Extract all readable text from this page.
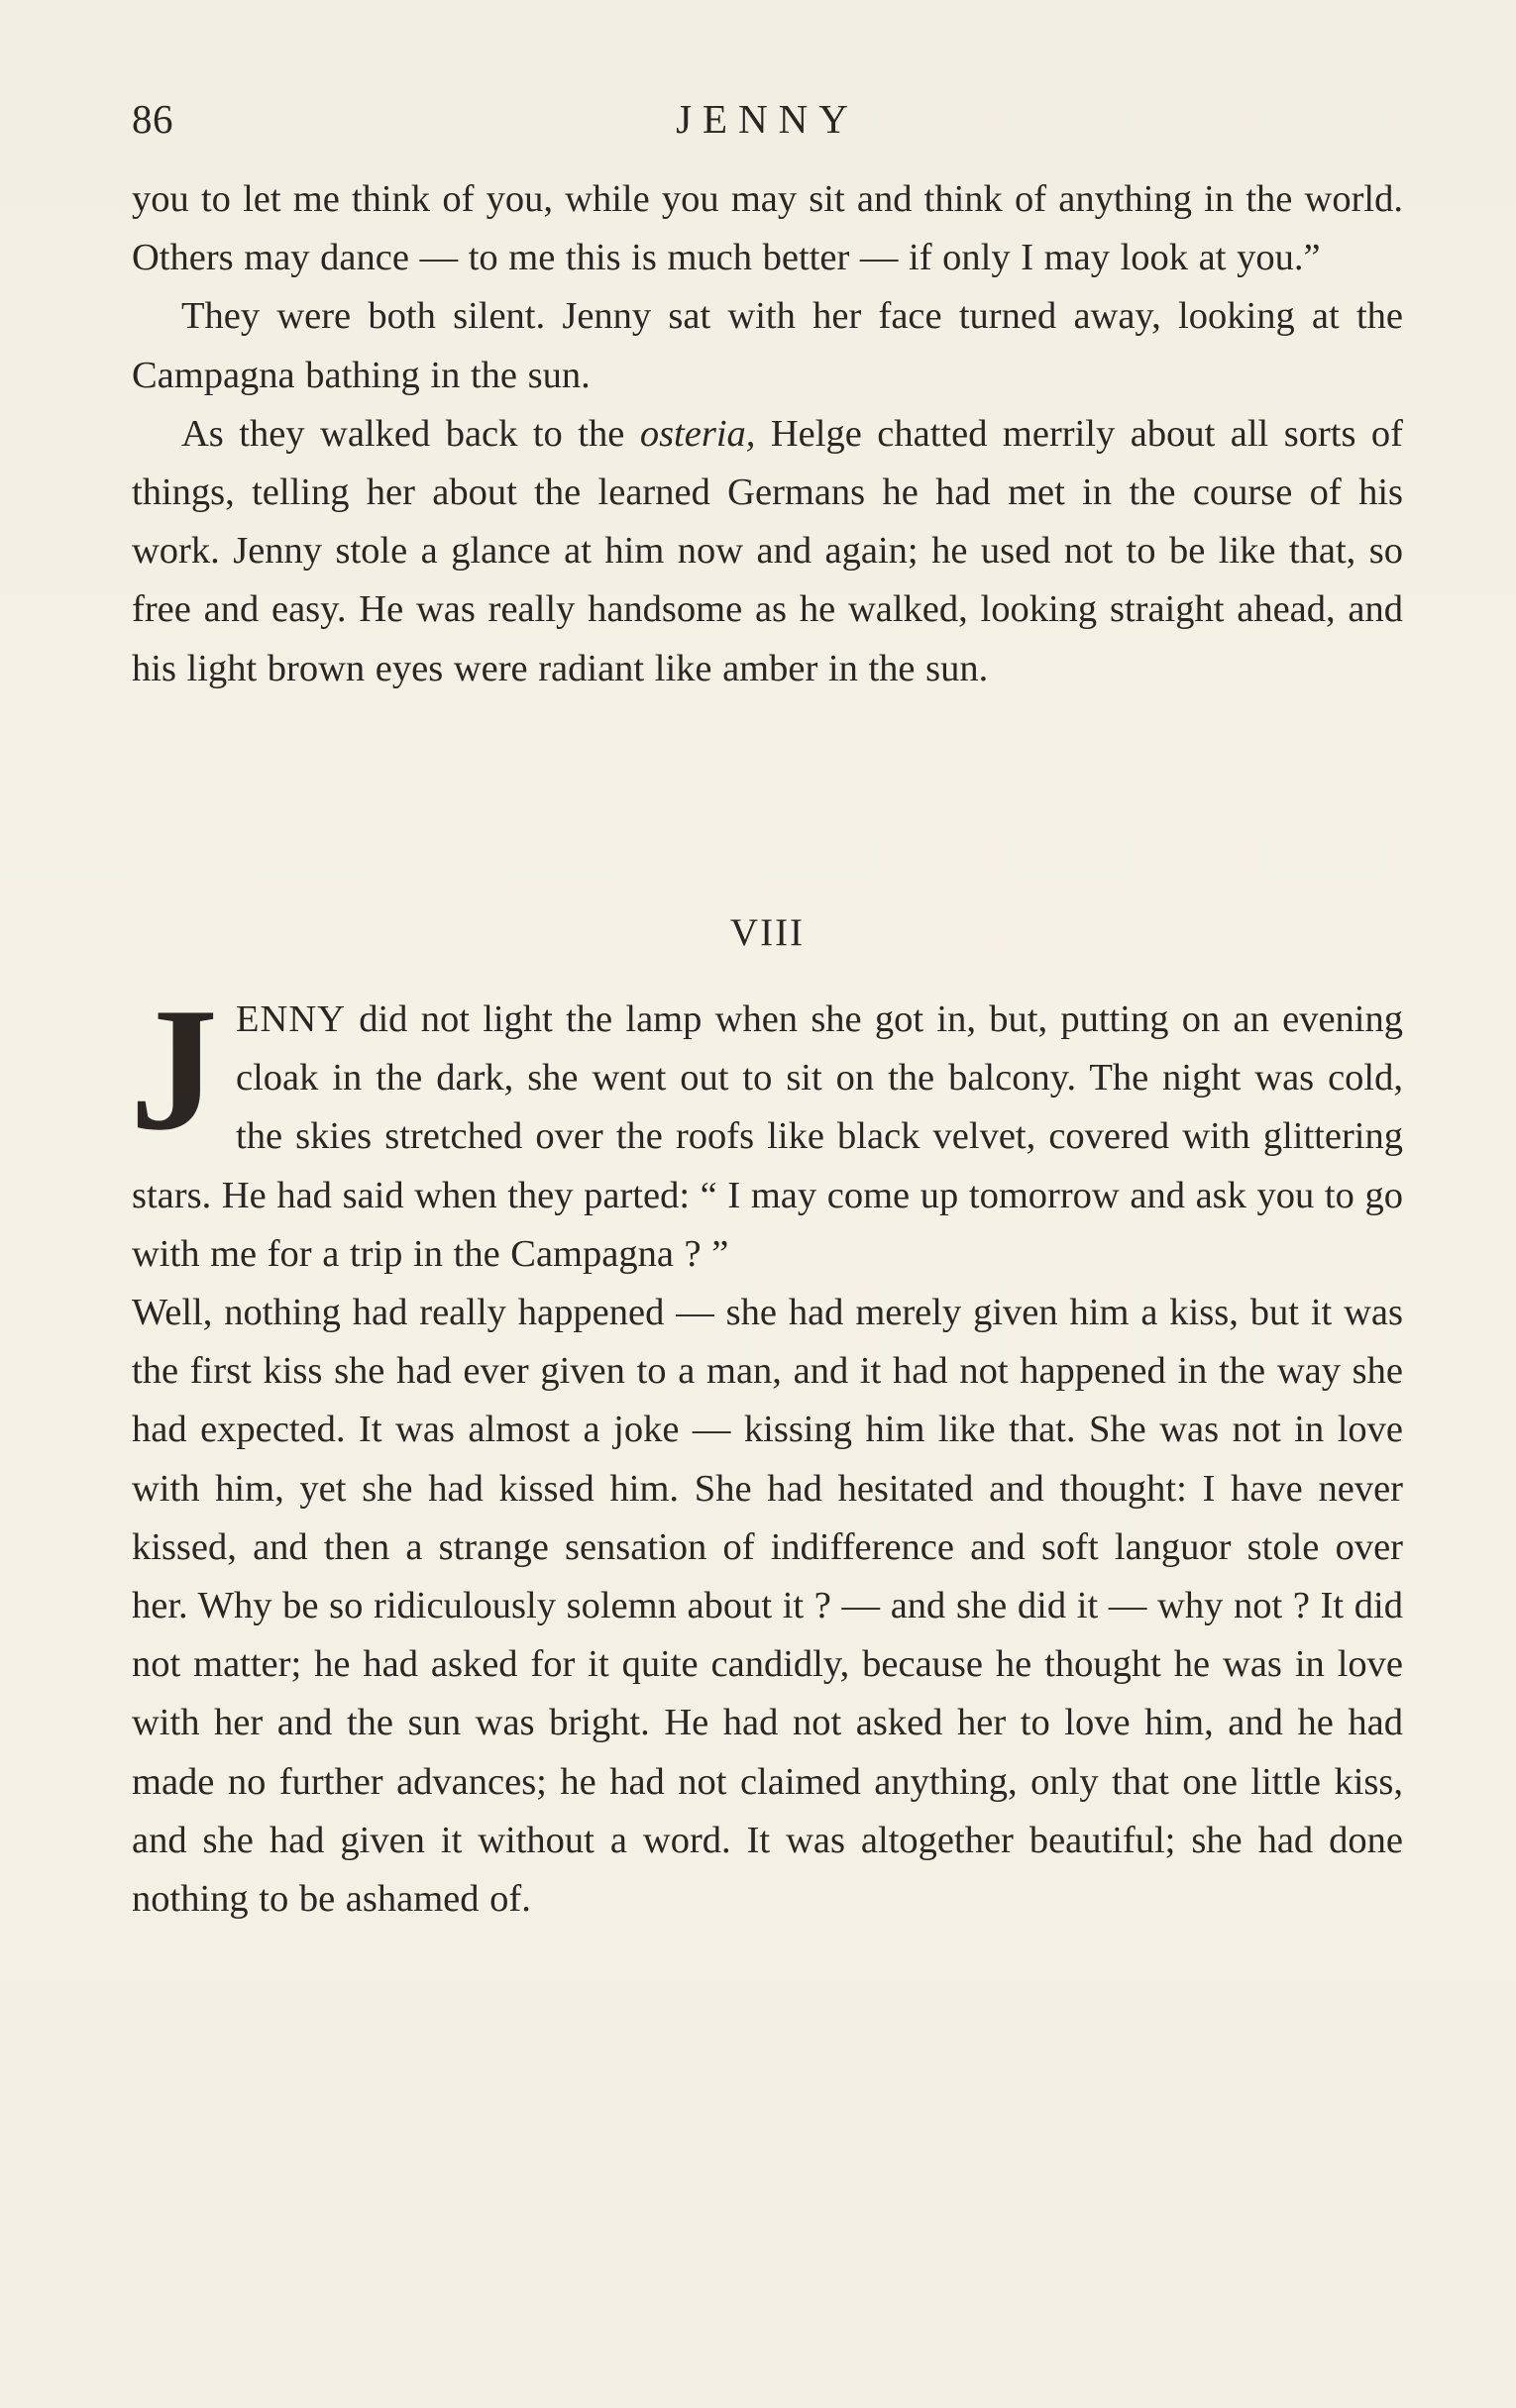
86	JENNY

you to let me think of you, while you may sit and think of anything in the world. Others may dance — to me this is much better — if only I may look at you.”

They were both silent. Jenny sat with her face turned away, looking at the Campagna bathing in the sun.

As they walked back to the osteria, Helge chatted merrily about all sorts of things, telling her about the learned Germans he had met in the course of his work. Jenny stole a glance at him now and again; he used not to be like that, so free and easy. He was really handsome as he walked, looking straight ahead, and his light brown eyes were radiant like amber in the sun.

VIII

JENNY did not light the lamp when she got in, but, putting on an evening cloak in the dark, she went out to sit on the balcony. The night was cold, the skies stretched over the roofs like black velvet, covered with glittering stars. He had said when they parted: “ I may come up tomorrow and ask you to go with me for a trip in the Campagna ? ”

Well, nothing had really happened — she had merely given him a kiss, but it was the first kiss she had ever given to a man, and it had not happened in the way she had expected. It was almost a joke — kissing him like that. She was not in love with him, yet she had kissed him. She had hesitated and thought: I have never kissed, and then a strange sensation of indifference and soft languor stole over her. Why be so ridiculously solemn about it ? — and she did it — why not ? It did not matter; he had asked for it quite candidly, because he thought he was in love with her and the sun was bright. He had not asked her to love him, and he had made no further advances; he had not claimed anything, only that one little kiss, and she had given it without a word. It was altogether beautiful; she had done nothing to be ashamed of.
